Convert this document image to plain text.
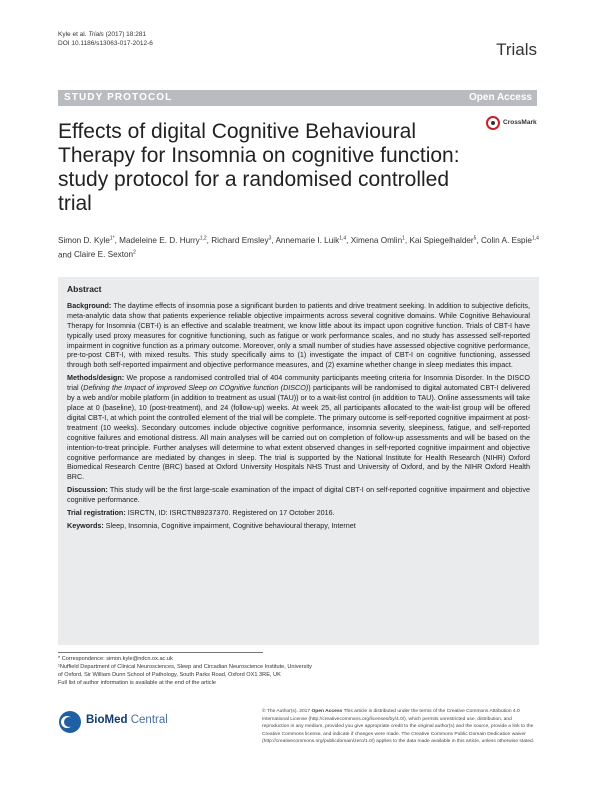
Kyle et al. Trials (2017) 18:281
DOI 10.1186/s13063-017-2012-6	Trials
STUDY PROTOCOL	Open Access
Effects of digital Cognitive Behavioural Therapy for Insomnia on cognitive function: study protocol for a randomised controlled trial
CrossMark
Simon D. Kyle$^{1*}$, Madeleine E. D. Hurry$^{1,2}$, Richard Emsley$^3$, Annemarie I. Luik$^{1,4}$, Ximena Omlin$^1$, Kai Spiegelhalder$^5$, Colin A. Espie$^{1,4}$ and Claire E. Sexton$^2$
Abstract

Background: The daytime effects of insomnia pose a significant burden to patients and drive treatment seeking. In addition to subjective deficits, meta-analytic data show that patients experience reliable objective impairments across several cognitive domains. While Cognitive Behavioural Therapy for Insomnia (CBT-I) is an effective and scalable treatment, we know little about its impact upon cognitive function. Trials of CBT-I have typically used proxy measures for cognitive functioning, such as fatigue or work performance scales, and no study has assessed self-reported impairment in cognitive function as a primary outcome. Moreover, only a small number of studies have assessed objective cognitive performance, pre-to-post CBT-I, with mixed results. This study specifically aims to (1) investigate the impact of CBT-I on cognitive functioning, assessed through both self-reported impairment and objective performance measures, and (2) examine whether change in sleep mediates this impact.

Methods/design: We propose a randomised controlled trial of 404 community participants meeting criteria for Insomnia Disorder. In the DISCO trial (Defining the Impact of improved Sleep on COgnitive function (DISCO)) participants will be randomised to digital automated CBT-I delivered by a web and/or mobile platform (in addition to treatment as usual (TAU)) or to a wait-list control (in addition to TAU). Online assessments will take place at 0 (baseline), 10 (post-treatment), and 24 (follow-up) weeks. At week 25, all participants allocated to the wait-list group will be offered digital CBT-I, at which point the controlled element of the trial will be complete. The primary outcome is self-reported cognitive impairment at post-treatment (10 weeks). Secondary outcomes include objective cognitive performance, insomnia severity, sleepiness, fatigue, and self-reported cognitive failures and emotional distress. All main analyses will be carried out on completion of follow-up assessments and will be based on the intention-to-treat principle. Further analyses will determine to what extent observed changes in self-reported cognitive impairment and objective cognitive performance are mediated by changes in sleep. The trial is supported by the National Institute for Health Research (NIHR) Oxford Biomedical Research Centre (BRC) based at Oxford University Hospitals NHS Trust and University of Oxford, and by the NIHR Oxford Health BRC.

Discussion: This study will be the first large-scale examination of the impact of digital CBT-I on self-reported cognitive impairment and objective cognitive performance.

Trial registration: ISRCTN, ID: ISRCTN89237370. Registered on 17 October 2016.

Keywords: Sleep, Insomnia, Cognitive impairment, Cognitive behavioural therapy, Internet

* Correspondence: simon.kyle@ndcn.ox.ac.uk

¹Nuffield Department of Clinical Neurosciences, Sleep and Circadian Neuroscience Institute, University of Oxford, Sir William Dunn School of Pathology, South Parks Road, Oxford OX1 3RE, UK

Full list of author information is available at the end of the article

BioMed Central
© The Author(s). 2017 Open Access This article is distributed under the terms of the Creative Commons Attribution 4.0 International License (http://creativecommons.org/licenses/by/4.0/), which permits unrestricted use, distribution, and reproduction in any medium, provided you give appropriate credit to the original author(s) and the source, provide a link to the Creative Commons license, and indicate if changes were made. The Creative Commons Public Domain Dedication waiver (http://creativecommons.org/publicdomain/zero/1.0/) applies to the data made available in this article, unless otherwise stated.
